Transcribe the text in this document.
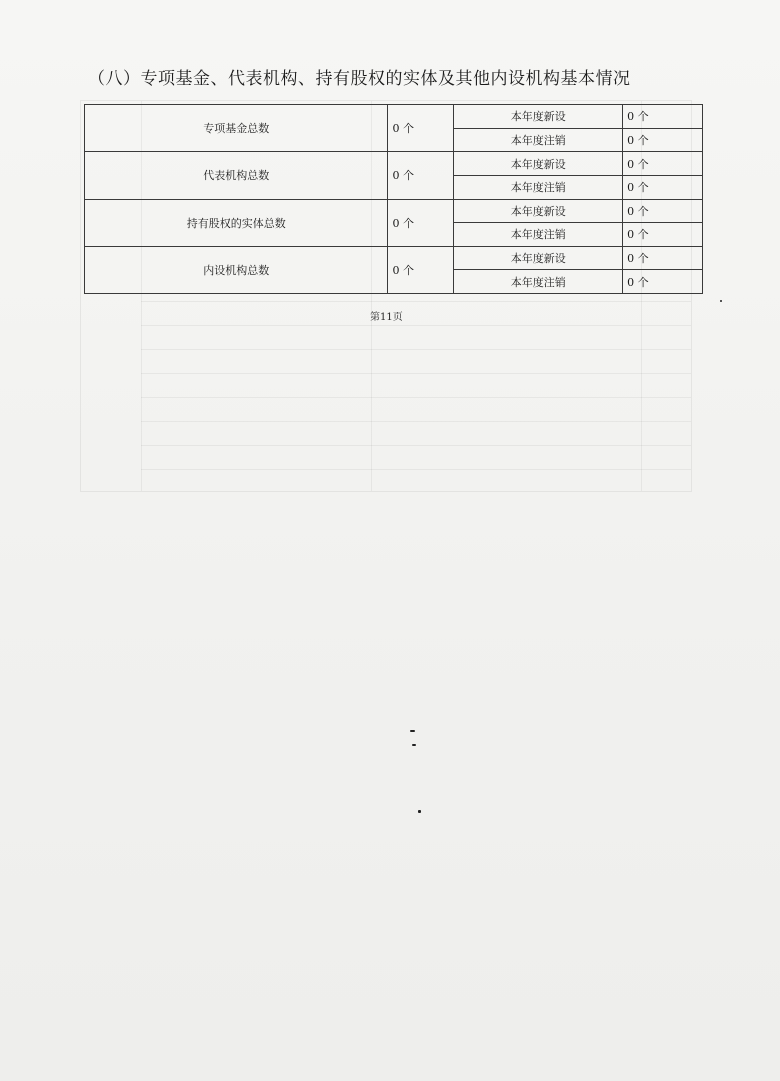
（八）专项基金、代表机构、持有股权的实体及其他内设机构基本情况
专项基金总数	0 个	本年度新设	0 个
		本年度注销	0 个
代表机构总数	0 个	本年度新设	0 个
		本年度注销	0 个
持有股权的实体总数	0 个	本年度新设	0 个
		本年度注销	0 个
内设机构总数	0 个	本年度新设	0 个
		本年度注销	0 个
第11页
